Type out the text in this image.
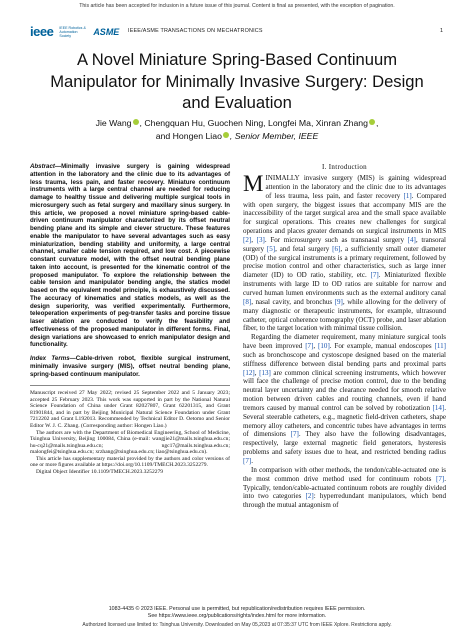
This article has been accepted for inclusion in a future issue of this journal. Content is final as presented, with the exception of pagination.
ieee IEEE Robotics & Automation Society	ASME IEEE/ASME TRANSACTIONS ON MECHATRONICS	1
A Novel Miniature Spring-Based Continuum Manipulator for Minimally Invasive Surgery: Design and Evaluation
Jie Wang , Chengquan Hu, Guochen Ning, Longfei Ma, Xinran Zhang ,
and Hongen Liao , Senior Member, IEEE

Abstract—Minimally invasive surgery is gaining widespread attention in the laboratory and the clinic due to its advantages of less trauma, less pain, and faster recovery. Miniature continuum instruments with a large central channel are needed for reducing damage to healthy tissue and delivering multiple surgical tools in microsurgery such as fetal surgery and maxillary sinus surgery. In this article, we proposed a novel miniature spring-based cable-driven continuum manipulator characterized by its offset neutral bending plane and its simple and clever structure. These features enable the manipulator to have several advantages such as easy miniaturization, bending stability and uniformity, a large central channel, smaller cable tension required, and low cost. A piecewise constant curvature model, with the offset neutral bending plane taken into account, is presented for the kinematic control of the proposed manipulator. To explore the relationship between the cable tension and manipulator bending angle, the statics model based on the equivalent model principle, is exhaustively discussed. The accuracy of kinematics and statics models, as well as the design superiority, was verified experimentally. Furthermore, teleoperation experiments of peg-transfer tasks and porcine tissue laser ablation are conducted to verify the feasibility and effectiveness of the proposed manipulator in different forms. Final, design variations are showcased to enrich manipulator design and functionality.

Index Terms—Cable-driven robot, flexible surgical instrument, minimally invasive surgery (MIS), offset neutral bending plane, spring-based continuum manipulator.

Manuscript received 27 May 2022; revised 25 September 2022 and 5 January 2023; accepted 25 February 2023. This work was supported in part by the National Natural Science Foundation of China under Grant 82027807, Grant 62201315, and Grant 81901844, and in part by Beijing Municipal Natural Science Foundation under Grant 7212202 and Grant L192013. Recommended by Technical Editor D. Oetomo and Senior Editor W. J. C. Zhang. (Corresponding author: Hongen Liao.)

The authors are with the Department of Biomedical Engineering, School of Medicine, Tsinghua University, Beijing 100084, China (e-mail: wangjie21@mails.tsinghua.edu.cn; hu-cq21@mails.tsinghua.edu.cn; ngc17@mails.tsinghua.edu.cn; malongfei@tsinghua.edu.cn; xrzhang@tsinghua.edu.cn; liao@tsinghua.edu.cn).

This article has supplementary material provided by the authors and color versions of one or more figures available at https://doi.org/10.1109/TMECH.2023.3252279.

Digital Object Identifier 10.1109/TMECH.2023.3252279

I. Introduction

MINIMALLY invasive surgery (MIS) is gaining widespread attention in the laboratory and the clinic due to its advantages of less trauma, less pain, and faster recovery [1]. Compared with open surgery, the biggest issues that accompany MIS are the inaccessibility of the target surgical area and the small space available for surgical operations. This creates new challenges for surgical operations and places greater demands on surgical instruments in MIS [2], [3]. For microsurgery such as transnasal surgery [4], transoral surgery [5], and fetal surgery [6], a sufficiently small outer diameter (OD) of the surgical instruments is a primary requirement, followed by precise motion control and other characteristics, such as large inner diameter (ID) to OD ratio, stability, etc. [7]. Miniaturized flexible instruments with large ID to OD ratios are suitable for narrow and curved human lumen environments such as the external auditory canal [8], nasal cavity, and bronchus [9], while allowing for the delivery of many diagnostic or therapeutic instruments, for example, ultrasound catheter, optical coherence tomography (OCT) probe, and laser ablation fiber, to the target location with minimal tissue collision.

Regarding the diameter requirement, many miniature surgical tools have been improved [7], [10]. For example, manual endoscopes [11] such as bronchoscope and cystoscope designed based on the material stiffness difference between distal bending parts and proximal parts [12], [13] are common clinical screening instruments, which however will face the challenge of precise motion control, due to the bending neutral layer uncertainty and the clearance needed for smooth relative motion between driven cables and routing channels, even if hand tremors caused by manual control can be solved by robotization [14]. Several steerable catheters, e.g., magnetic field-driven catheters, shape memory alloy catheters, and concentric tubes have advantages in terms of dimensions [7]. They also have the following disadvantages, respectively, large external magnetic field generators, hysteresis problems and safety issues due to heat, and restricted bending radius [7].

In comparison with other methods, the tendon/cable-actuated one is the most common drive method used for continuum robots [7]. Typically, tendon/cable-actuated continuum robots are roughly divided into two categories [2]: hyperredundant manipulators, which bend through the mutual antagonism of

1083-4435 © 2023 IEEE. Personal use is permitted, but republication/redistribution requires IEEE permission.
See https://www.ieee.org/publications/rights/index.html for more information.
Authorized licensed use limited to: Tsinghua University. Downloaded on May 05,2023 at 07:35:37 UTC from IEEE Xplore. Restrictions apply.
